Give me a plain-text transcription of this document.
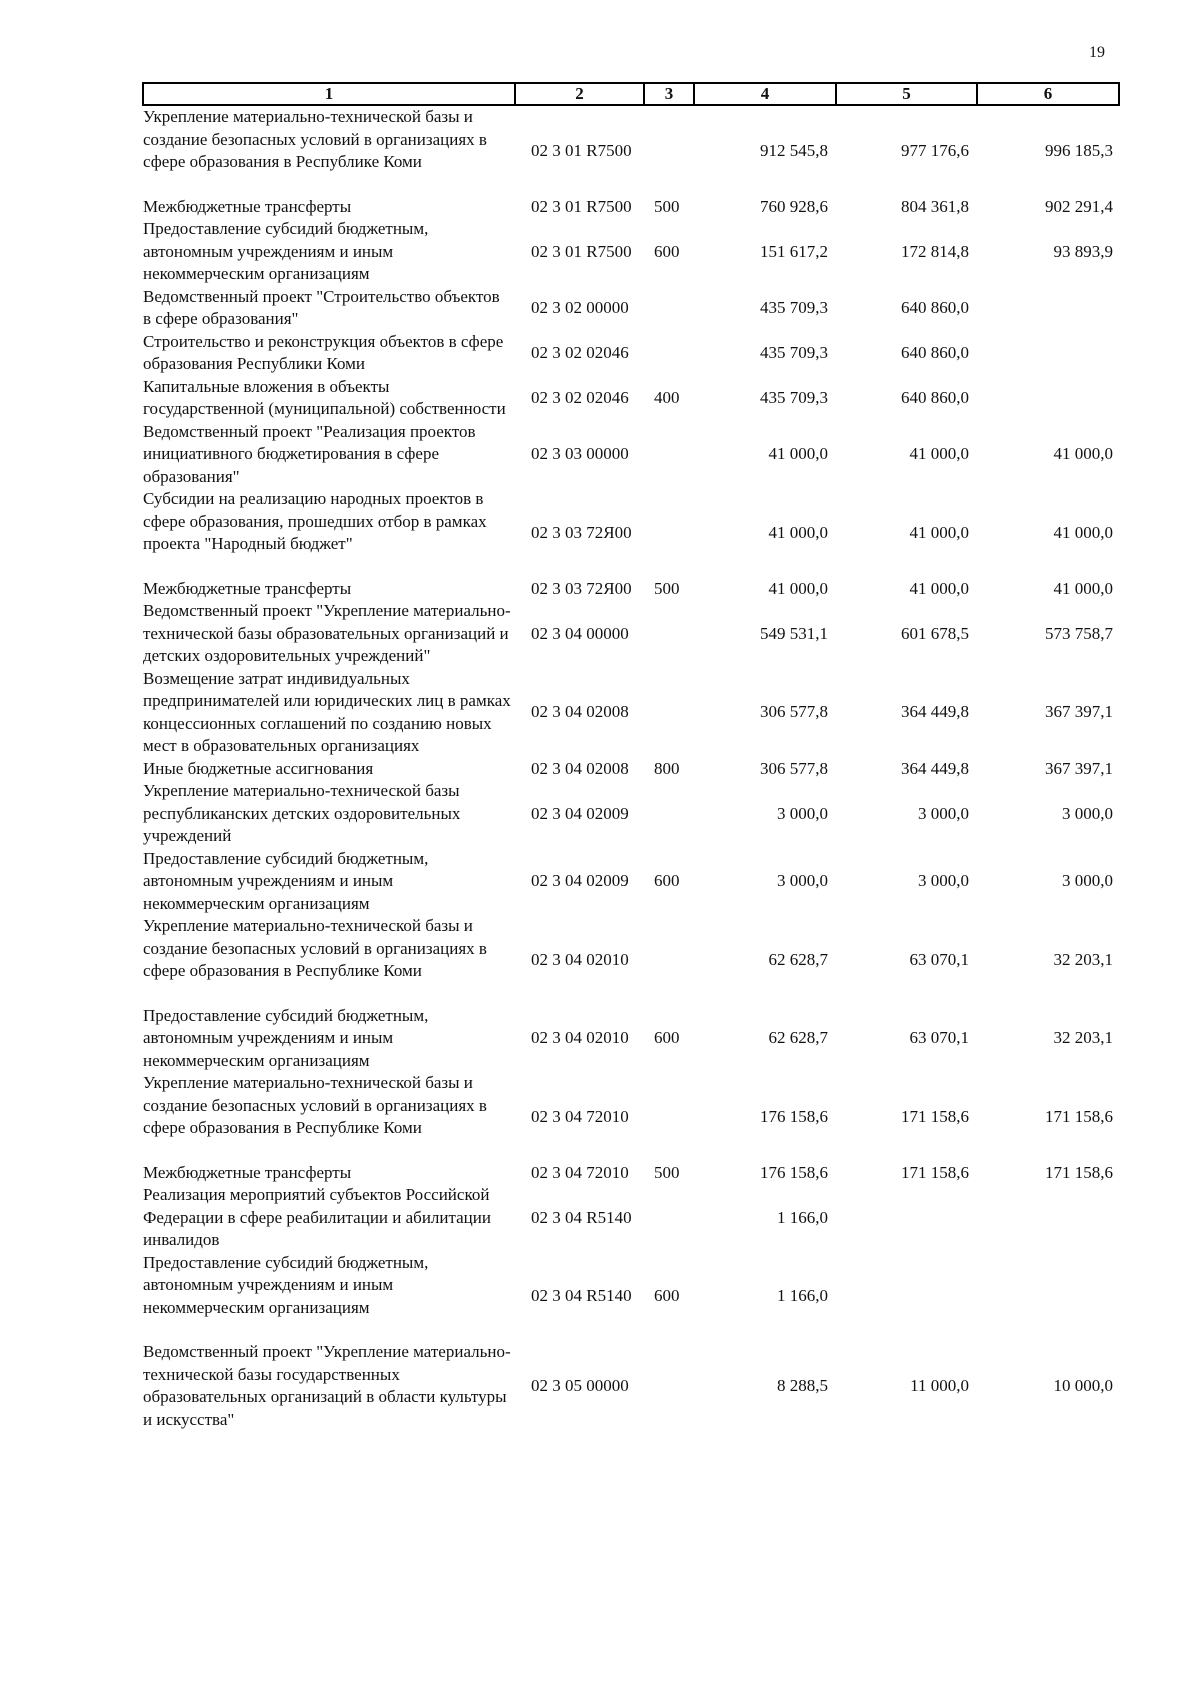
19
1	2	3	4	5	6
Укрепление материально-технической базы и создание безопасных условий в организациях в сфере образования в Республике Коми	02 3 01 R7500		912 545,8	977 176,6	996 185,3
Межбюджетные трансферты	02 3 01 R7500	500	760 928,6	804 361,8	902 291,4
Предоставление субсидий бюджетным, автономным учреждениям и иным некоммерческим организациям	02 3 01 R7500	600	151 617,2	172 814,8	93 893,9
Ведомственный проект "Строительство объектов в сфере образования"	02 3 02 00000		435 709,3	640 860,0	
Строительство и реконструкция объектов в сфере образования Республики Коми	02 3 02 02046		435 709,3	640 860,0	
Капитальные вложения в объекты государственной (муниципальной) собственности	02 3 02 02046	400	435 709,3	640 860,0	
Ведомственный проект "Реализация проектов инициативного бюджетирования в сфере образования"	02 3 03 00000		41 000,0	41 000,0	41 000,0
Субсидии на реализацию народных проектов в сфере образования, прошедших отбор в рамках проекта "Народный бюджет"	02 3 03 72Я00		41 000,0	41 000,0	41 000,0
Межбюджетные трансферты	02 3 03 72Я00	500	41 000,0	41 000,0	41 000,0
Ведомственный проект "Укрепление материально-технической базы образовательных организаций и детских оздоровительных учреждений"	02 3 04 00000		549 531,1	601 678,5	573 758,7
Возмещение затрат индивидуальных предпринимателей или юридических лиц в рамках концессионных соглашений по созданию новых мест в образовательных организациях	02 3 04 02008		306 577,8	364 449,8	367 397,1
Иные бюджетные ассигнования	02 3 04 02008	800	306 577,8	364 449,8	367 397,1
Укрепление материально-технической базы республиканских детских оздоровительных учреждений	02 3 04 02009		3 000,0	3 000,0	3 000,0
Предоставление субсидий бюджетным, автономным учреждениям и иным некоммерческим организациям	02 3 04 02009	600	3 000,0	3 000,0	3 000,0
Укрепление материально-технической базы и создание безопасных условий в организациях в сфере образования в Республике Коми	02 3 04 02010		62 628,7	63 070,1	32 203,1
Предоставление субсидий бюджетным, автономным учреждениям и иным некоммерческим организациям	02 3 04 02010	600	62 628,7	63 070,1	32 203,1
Укрепление материально-технической базы и создание безопасных условий в организациях в сфере образования в Республике Коми	02 3 04 72010		176 158,6	171 158,6	171 158,6
Межбюджетные трансферты	02 3 04 72010	500	176 158,6	171 158,6	171 158,6
Реализация мероприятий субъектов Российской Федерации в сфере реабилитации и абилитации инвалидов	02 3 04 R5140		1 166,0		
Предоставление субсидий бюджетным, автономным учреждениям и иным некоммерческим организациям	02 3 04 R5140	600	1 166,0		
Ведомственный проект "Укрепление материально-технической базы государственных образовательных организаций в области культуры и искусства"	02 3 05 00000		8 288,5	11 000,0	10 000,0
